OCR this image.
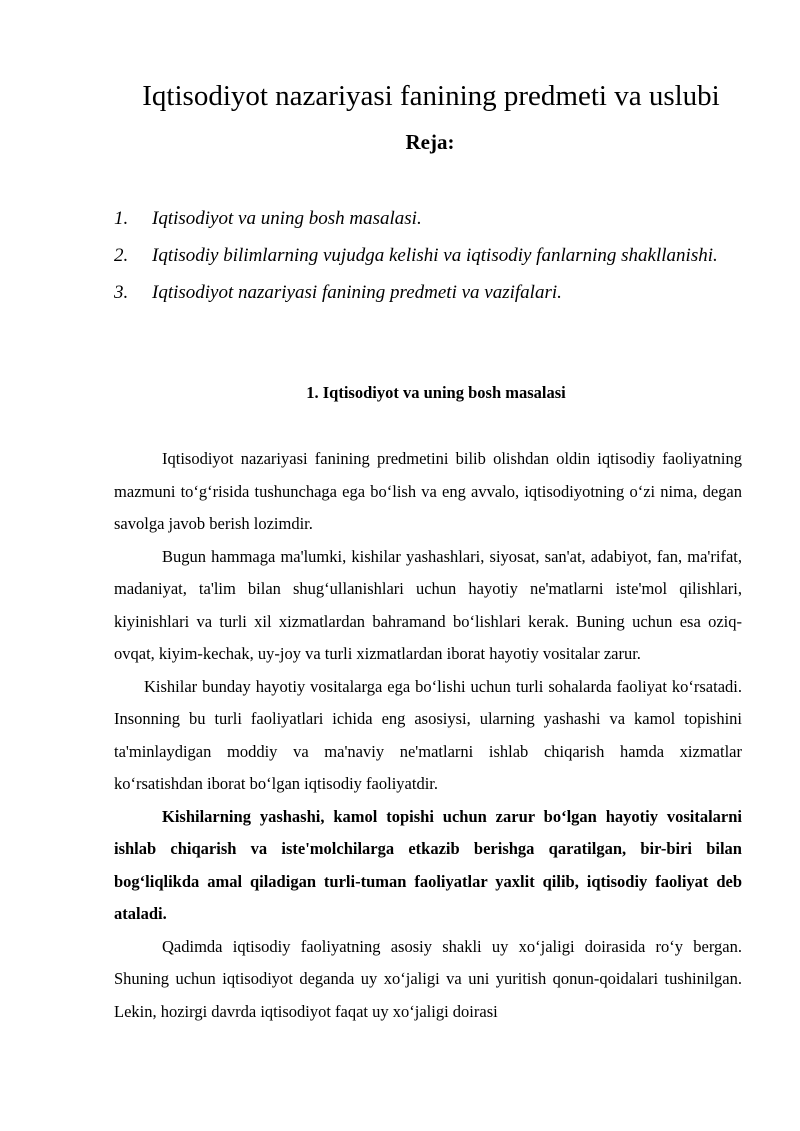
Iqtisodiyot nazariyasi fanining predmeti va uslubi
Reja:
1.	Iqtisodiyot va uning bosh masalasi.
2.	Iqtisodiy bilimlarning vujudga kelishi va iqtisodiy fanlarning shakllanishi.
3.	Iqtisodiyot nazariyasi fanining predmeti va vazifalari.
1. Iqtisodiyot va uning bosh masalasi

Iqtisodiyot nazariyasi fanining predmetini bilib olishdan oldin iqtisodiy faoliyatning mazmuni to‘g‘risida tushunchaga ega bo‘lish va eng avvalo, iqtisodiyotning o‘zi nima, degan savolga javob berish lozimdir.

Bugun hammaga ma'lumki, kishilar yashashlari, siyosat, san'at, adabiyot, fan, ma'rifat, madaniyat, ta'lim bilan shug‘ullanishlari uchun hayotiy ne'matlarni iste'mol qilishlari, kiyinishlari va turli xil xizmatlardan bahramand bo‘lishlari kerak. Buning uchun esa oziq-ovqat, kiyim-kechak, uy-joy va turli xizmatlardan iborat hayotiy vositalar zarur.

Kishilar bunday hayotiy vositalarga ega bo‘lishi uchun turli sohalarda faoliyat ko‘rsatadi. Insonning bu turli faoliyatlari ichida eng asosiysi, ularning yashashi va kamol topishini ta'minlaydigan moddiy va ma'naviy ne'matlarni ishlab chiqarish hamda xizmatlar ko‘rsatishdan iborat bo‘lgan iqtisodiy faoliyatdir.

Kishilarning yashashi, kamol topishi uchun zarur bo‘lgan hayotiy vositalarni ishlab chiqarish va iste'molchilarga etkazib berishga qaratilgan, bir-biri bilan bog‘liqlikda amal qiladigan turli-tuman faoliyatlar yaxlit qilib, iqtisodiy faoliyat deb ataladi.

Qadimda iqtisodiy faoliyatning asosiy shakli uy xo‘jaligi doirasida ro‘y bergan. Shuning uchun iqtisodiyot deganda uy xo‘jaligi va uni yuritish qonun-qoidalari tushinilgan. Lekin, hozirgi davrda iqtisodiyot faqat uy xo‘jaligi doirasi
